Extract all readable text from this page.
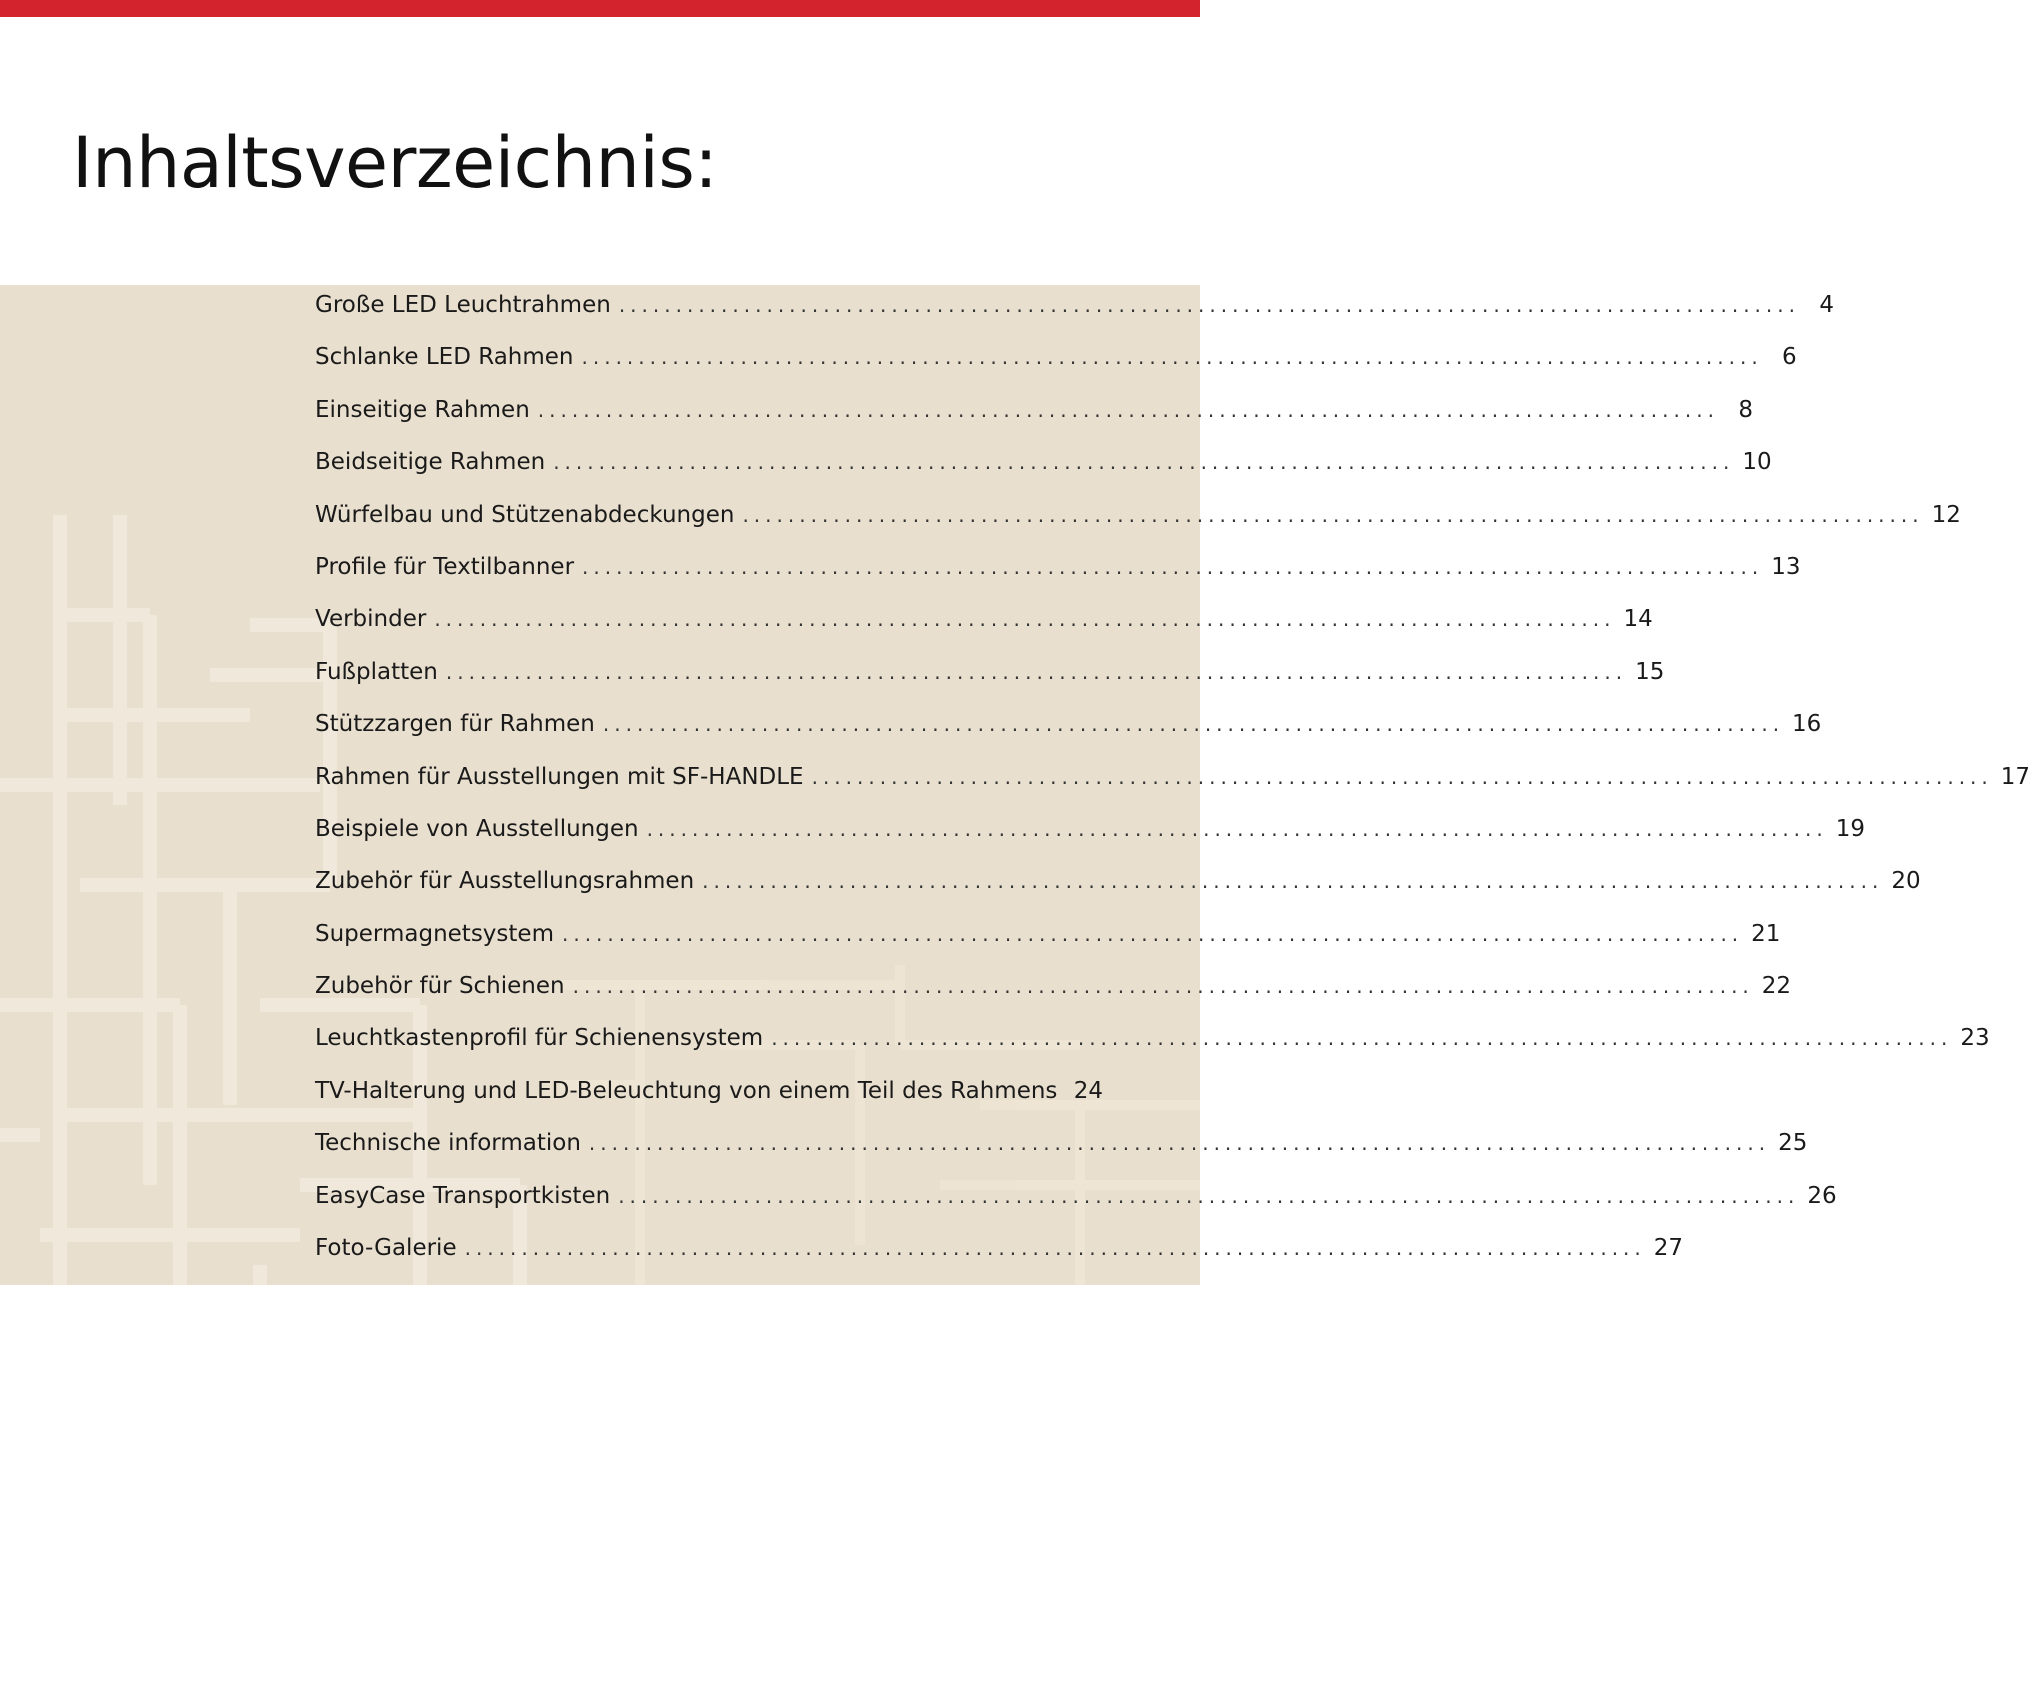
Inhaltsverzeichnis:
Große LED Leuchtrahmen ........................................................................................................ 4
Schlanke LED Rahmen ........................................................................................................ 6
Einseitige Rahmen ........................................................................................................ 8
Beidseitige Rahmen ........................................................................................................ 10
Würfelbau und Stützenabdeckungen ........................................................................................................ 12
Profile für Textilbanner ........................................................................................................ 13
Verbinder ........................................................................................................ 14
Fußplatten ........................................................................................................ 15
Stützzargen für Rahmen ........................................................................................................ 16
Rahmen für Ausstellungen mit SF-HANDLE ........................................................................................................ 17
Beispiele von Ausstellungen ........................................................................................................ 19
Zubehör für Ausstellungsrahmen ........................................................................................................ 20
Supermagnetsystem ........................................................................................................ 21
Zubehör für Schienen ........................................................................................................ 22
Leuchtkastenprofil für Schienensystem ........................................................................................................ 23
TV-Halterung und LED-Beleuchtung von einem Teil des Rahmens 24
Technische information ........................................................................................................ 25
EasyCase Transportkisten ........................................................................................................ 26
Foto-Galerie ........................................................................................................ 27
